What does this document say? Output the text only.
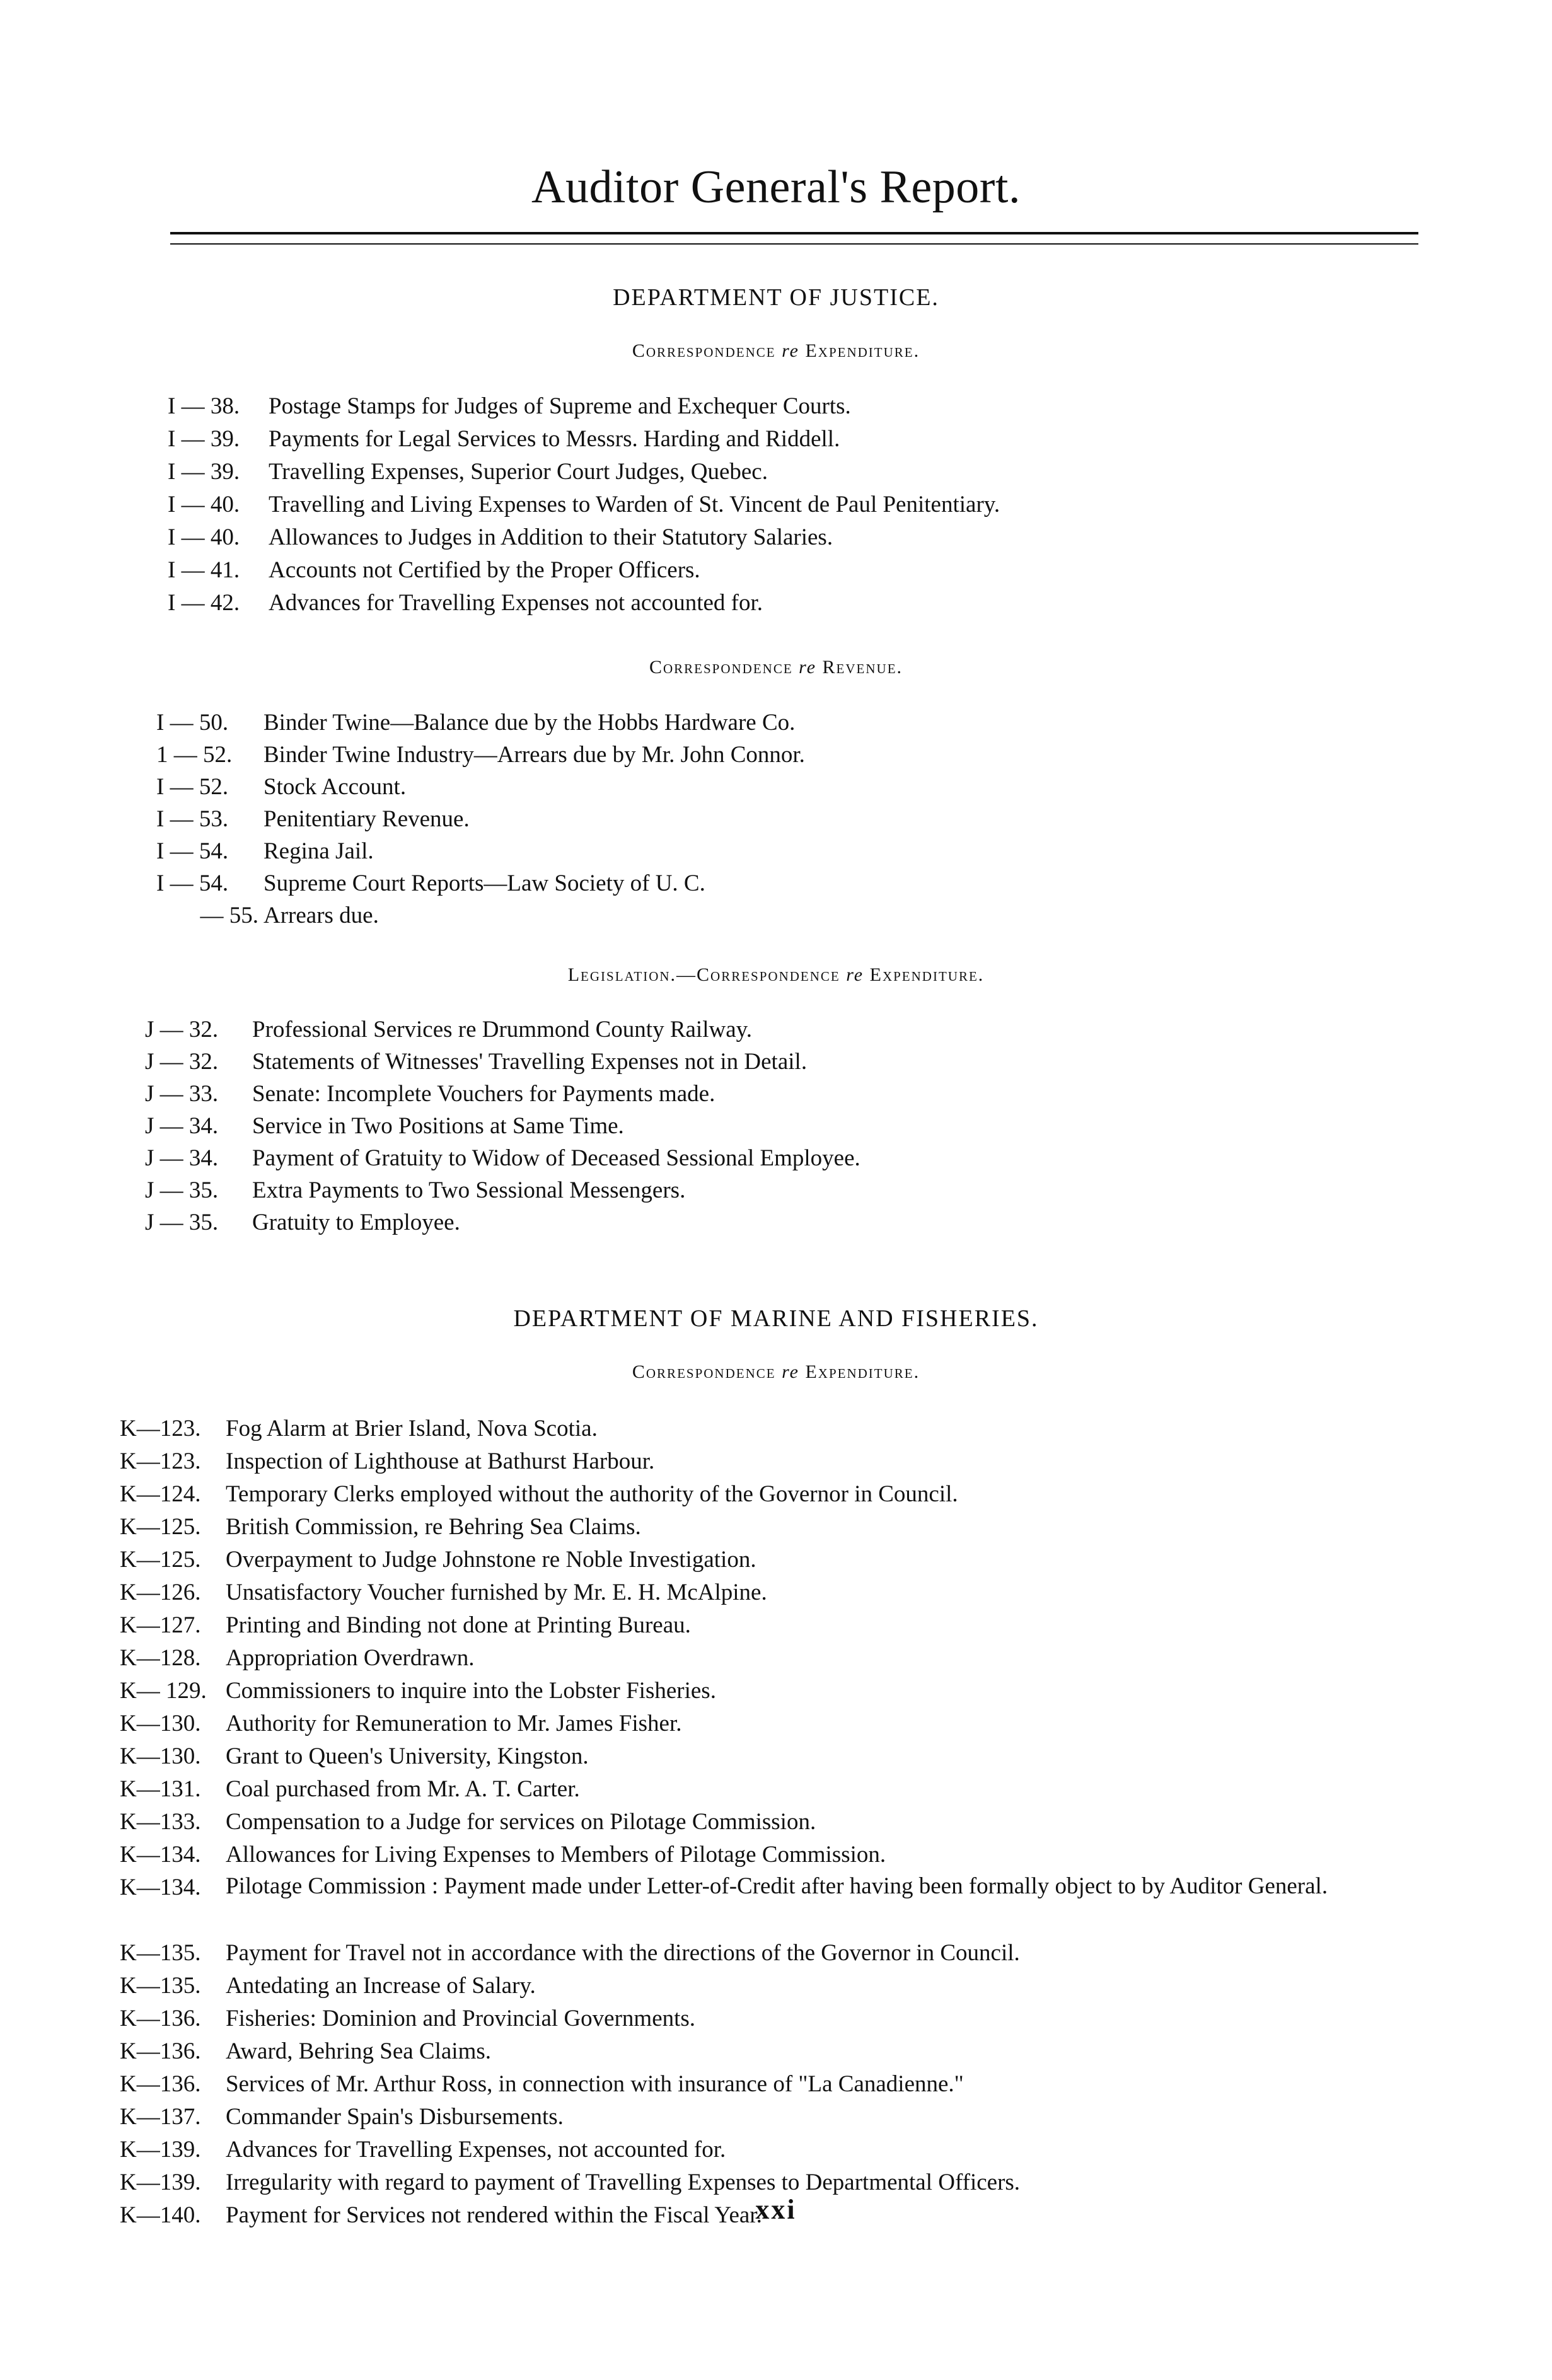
Auditor General's Report.
DEPARTMENT OF JUSTICE.
Correspondence re Expenditure.
I — 38.	Postage Stamps for Judges of Supreme and Exchequer Courts.
I — 39.	Payments for Legal Services to Messrs. Harding and Riddell.
I — 39.	Travelling Expenses, Superior Court Judges, Quebec.
I — 40.	Travelling and Living Expenses to Warden of St. Vincent de Paul Penitentiary.
I — 40.	Allowances to Judges in Addition to their Statutory Salaries.
I — 41.	Accounts not Certified by the Proper Officers.
I — 42.	Advances for Travelling Expenses not accounted for.
Correspondence re Revenue.
I — 50.	Binder Twine—Balance due by the Hobbs Hardware Co.
1 — 52.	Binder Twine Industry—Arrears due by Mr. John Connor.
I — 52.	Stock Account.
I — 53.	Penitentiary Revenue.
I — 54.	Regina Jail.
I — 54.	Supreme Court Reports—Law Society of U. C.
— 55. Arrears due.
Legislation.—Correspondence re Expenditure.
J — 32.	Professional Services re Drummond County Railway.
J — 32.	Statements of Witnesses' Travelling Expenses not in Detail.
J — 33.	Senate: Incomplete Vouchers for Payments made.
J — 34.	Service in Two Positions at Same Time.
J — 34.	Payment of Gratuity to Widow of Deceased Sessional Employee.
J — 35.	Extra Payments to Two Sessional Messengers.
J — 35.	Gratuity to Employee.
DEPARTMENT OF MARINE AND FISHERIES.
Correspondence re Expenditure.
K—123.	Fog Alarm at Brier Island, Nova Scotia.
K—123.	Inspection of Lighthouse at Bathurst Harbour.
K—124.	Temporary Clerks employed without the authority of the Governor in Council.
K—125.	British Commission, re Behring Sea Claims.
K—125.	Overpayment to Judge Johnstone re Noble Investigation.
K—126.	Unsatisfactory Voucher furnished by Mr. E. H. McAlpine.
K—127.	Printing and Binding not done at Printing Bureau.
K—128.	Appropriation Overdrawn.
K— 129. Commissioners to inquire into the Lobster Fisheries.
K—130.	Authority for Remuneration to Mr. James Fisher.
K—130.	Grant to Queen's University, Kingston.
K—131.	Coal purchased from Mr. A. T. Carter.
K—133.	Compensation to a Judge for services on Pilotage Commission.
K—134.	Allowances for Living Expenses to Members of Pilotage Commission.
K—134.	Pilotage Commission : Payment made under Letter-of-Credit after having been formally object to by Auditor General.
K—135.	Payment for Travel not in accordance with the directions of the Governor in Council.
K—135.	Antedating an Increase of Salary.
K—136.	Fisheries: Dominion and Provincial Governments.
K—136.	Award, Behring Sea Claims.
K—136.	Services of Mr. Arthur Ross, in connection with insurance of "La Canadienne."
K—137.	Commander Spain's Disbursements.
K—139.	Advances for Travelling Expenses, not accounted for.
K—139.	Irregularity with regard to payment of Travelling Expenses to Departmental Officers.
K—140.	Payment for Services not rendered within the Fiscal Year.
xxi
